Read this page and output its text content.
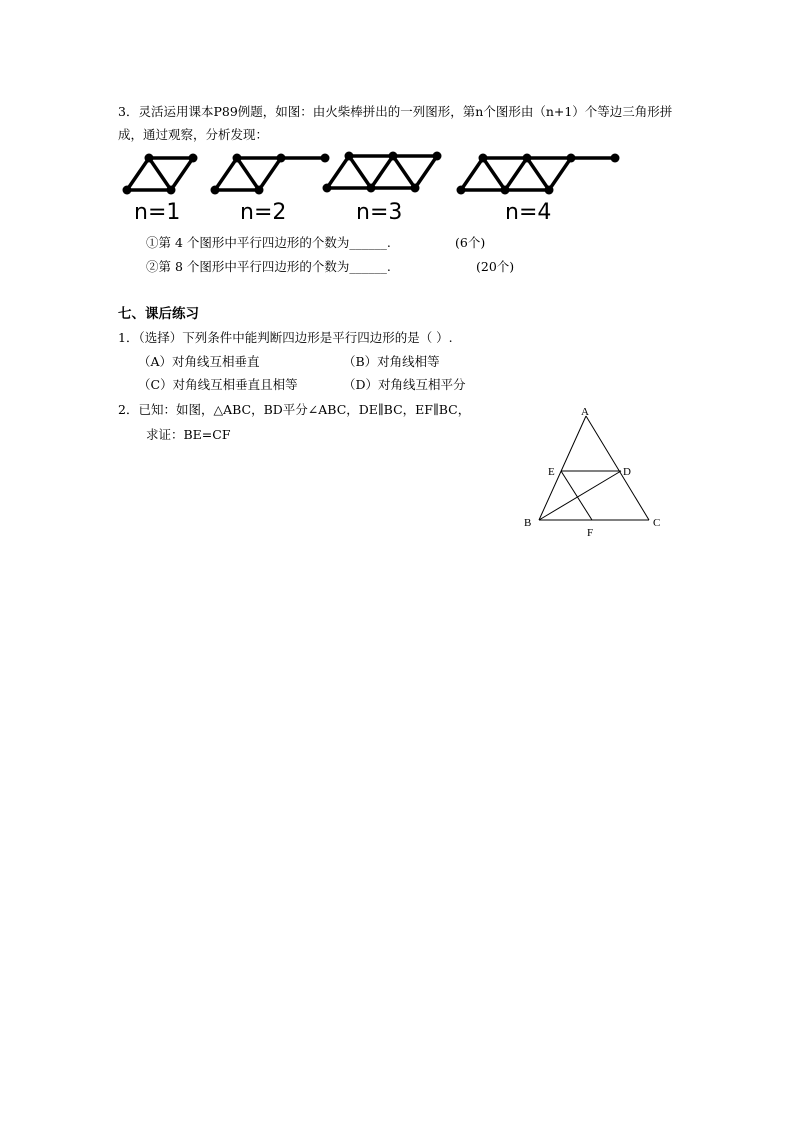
3．灵活运用课本P89例题，如图：由火柴棒拼出的一列图形，第n个图形由（n+1）个等边三角形拼
成，通过观察，分析发现：
n=1	n=2	n=3	n=4
①第 4 个图形中平行四边形的个数为______.	(6个)
②第 8 个图形中平行四边形的个数为______.	(20个)
七、课后练习
1．（选择）下列条件中能判断四边形是平行四边形的是（ ）.
（A）对角线互相垂直	（B）对角线相等
（C）对角线互相垂直且相等	（D）对角线互相平分
2．已知：如图，△ABC，BD平分∠ABC，DE∥BC，EF∥BC，
求证：BE=CF
A
B	C
D
E
F
